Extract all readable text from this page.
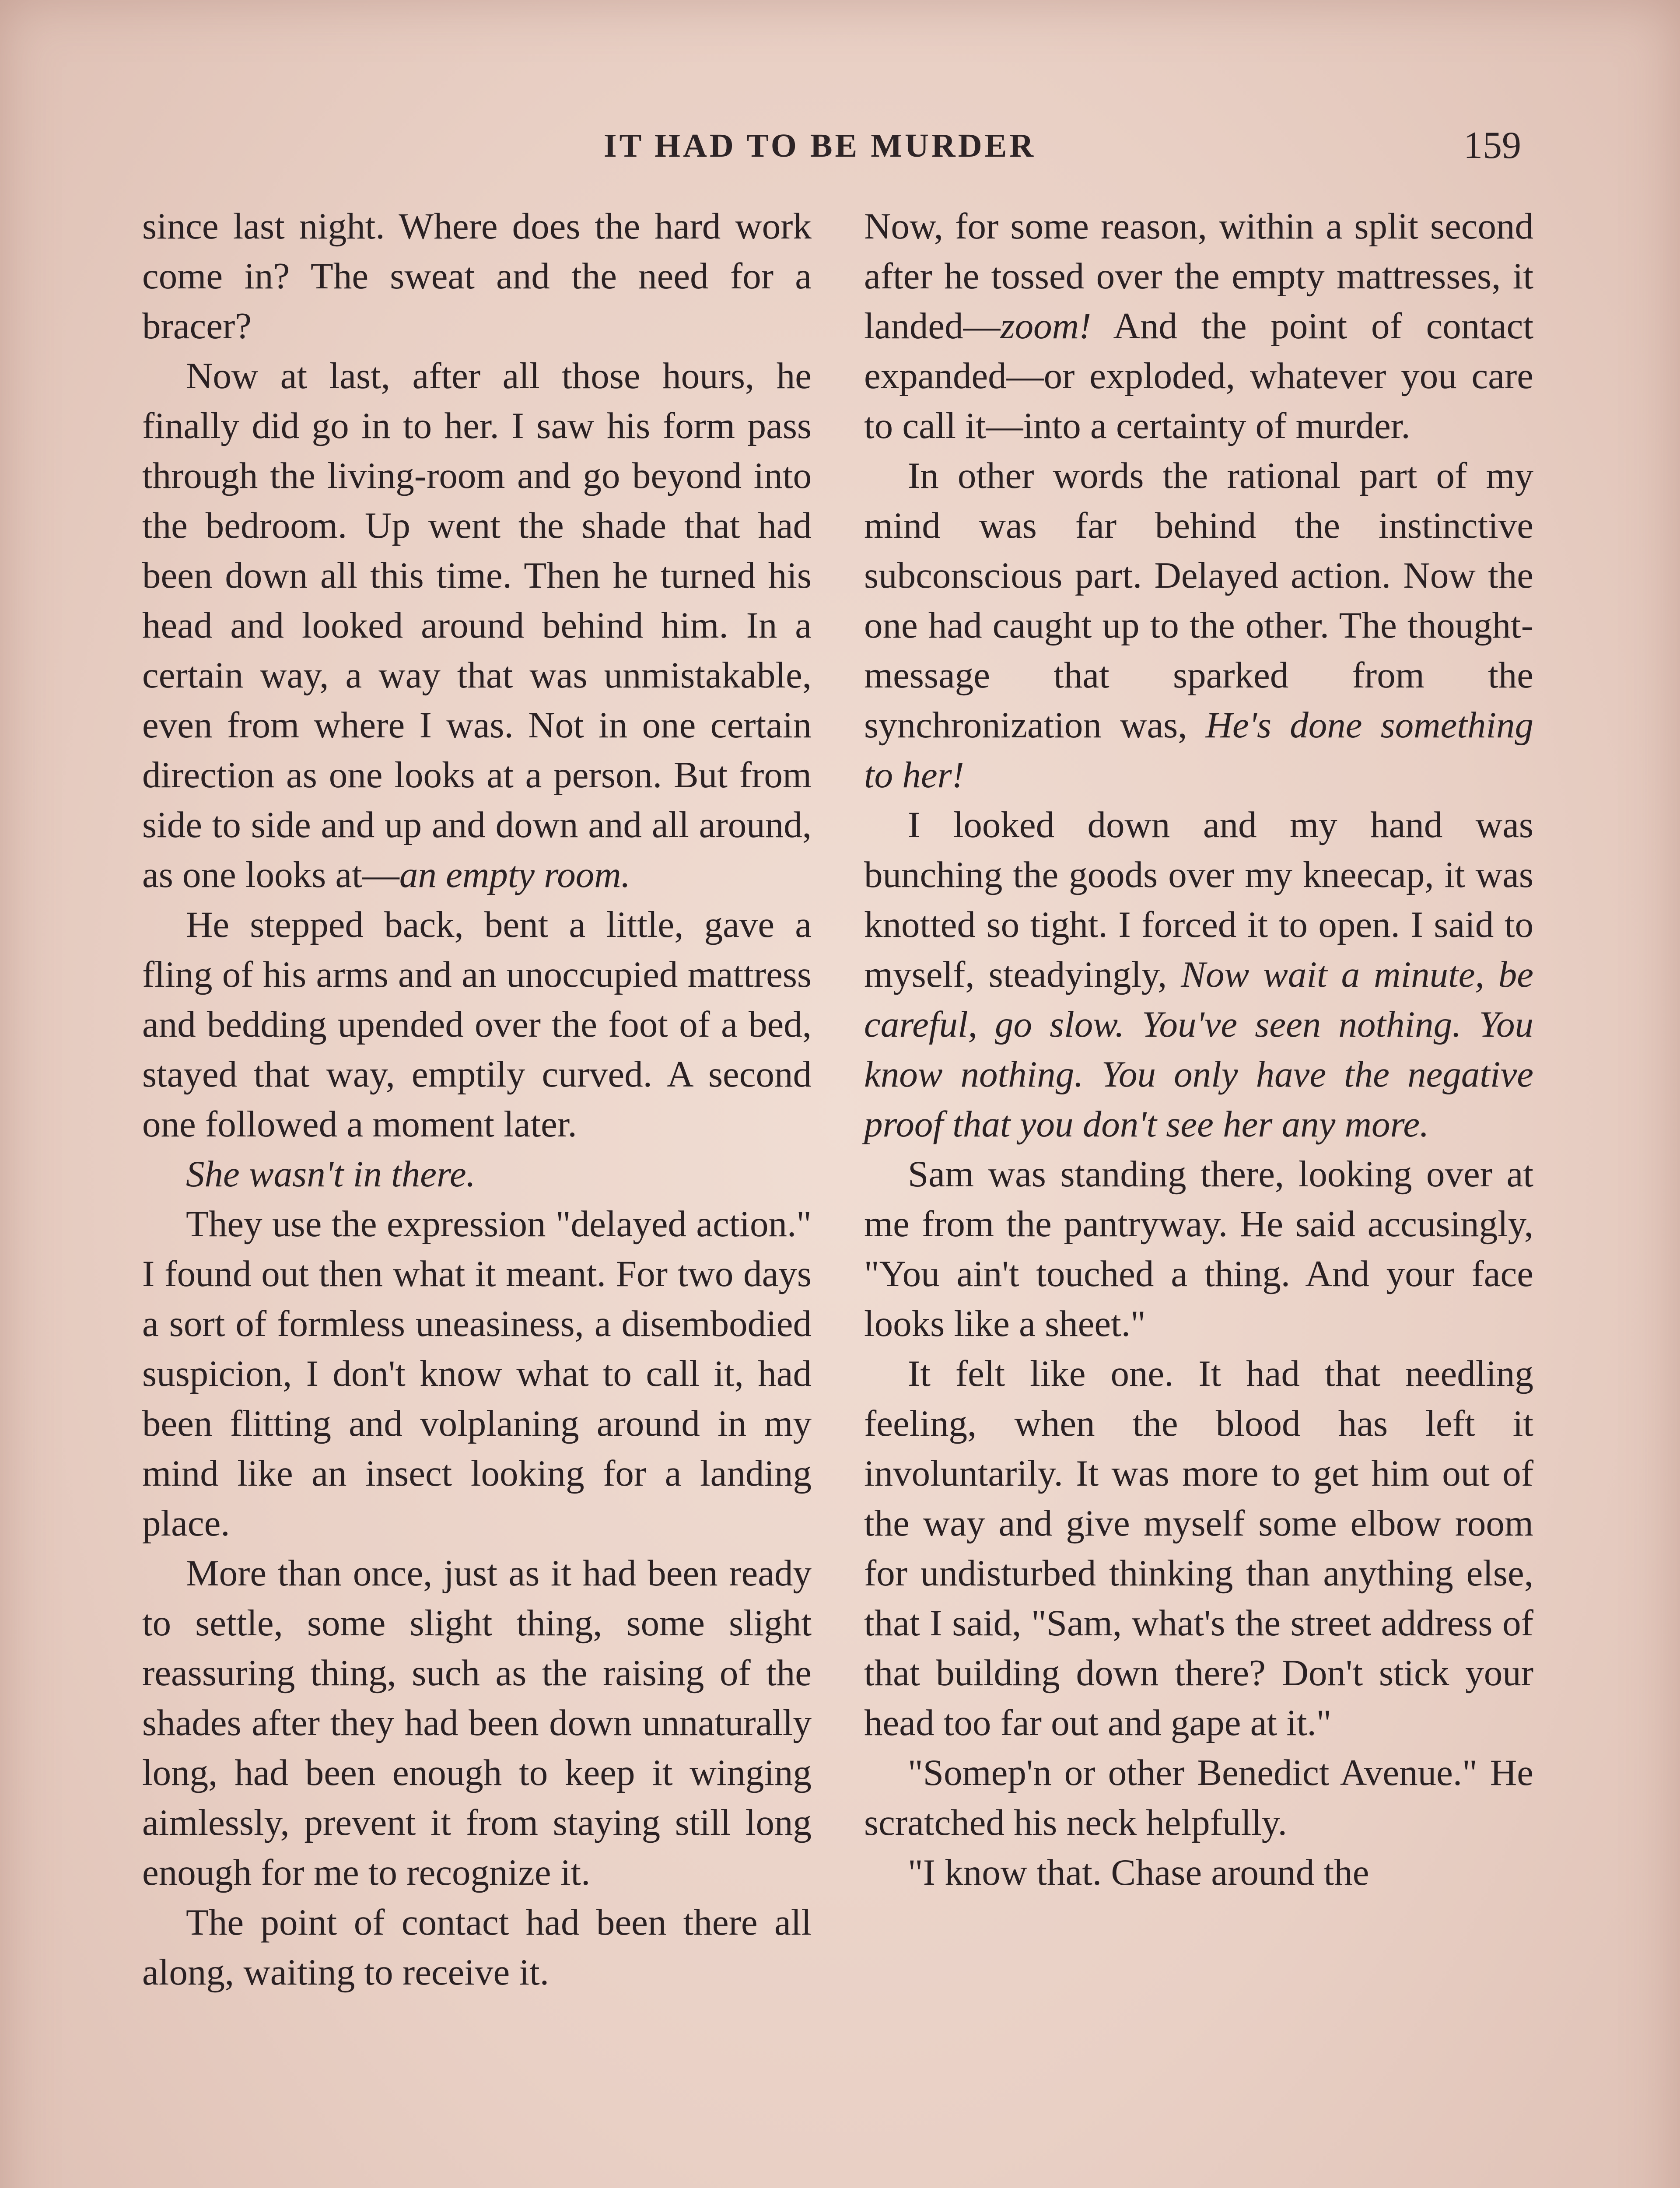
IT HAD TO BE MURDER	159

since last night. Where does the hard work come in? The sweat and the need for a bracer?

Now at last, after all those hours, he finally did go in to her. I saw his form pass through the living-room and go beyond into the bedroom. Up went the shade that had been down all this time. Then he turned his head and looked around behind him. In a certain way, a way that was unmistakable, even from where I was. Not in one certain direction as one looks at a person. But from side to side and up and down and all around, as one looks at—an empty room.

He stepped back, bent a little, gave a fling of his arms and an unoccupied mattress and bedding upended over the foot of a bed, stayed that way, emptily curved. A second one followed a moment later.

She wasn't in there.

They use the expression "delayed action." I found out then what it meant. For two days a sort of formless uneasiness, a disembodied suspicion, I don't know what to call it, had been flitting and volplaning around in my mind like an insect looking for a landing place.

More than once, just as it had been ready to settle, some slight thing, some slight reassuring thing, such as the raising of the shades after they had been down unnaturally long, had been enough to keep it winging aimlessly, prevent it from staying still long enough for me to recognize it.

The point of contact had been there all along, waiting to receive it.

Now, for some reason, within a split second after he tossed over the empty mattresses, it landed—zoom! And the point of contact expanded—or exploded, whatever you care to call it—into a certainty of murder.

In other words the rational part of my mind was far behind the instinctive subconscious part. Delayed action. Now the one had caught up to the other. The thought-message that sparked from the synchronization was, He's done something to her!

I looked down and my hand was bunching the goods over my kneecap, it was knotted so tight. I forced it to open. I said to myself, steadyingly, Now wait a minute, be careful, go slow. You've seen nothing. You know nothing. You only have the negative proof that you don't see her any more.

Sam was standing there, looking over at me from the pantryway. He said accusingly, "You ain't touched a thing. And your face looks like a sheet."

It felt like one. It had that needling feeling, when the blood has left it involuntarily. It was more to get him out of the way and give myself some elbow room for undisturbed thinking than anything else, that I said, "Sam, what's the street address of that building down there? Don't stick your head too far out and gape at it."

"Somep'n or other Benedict Avenue." He scratched his neck helpfully.

"I know that. Chase around the
